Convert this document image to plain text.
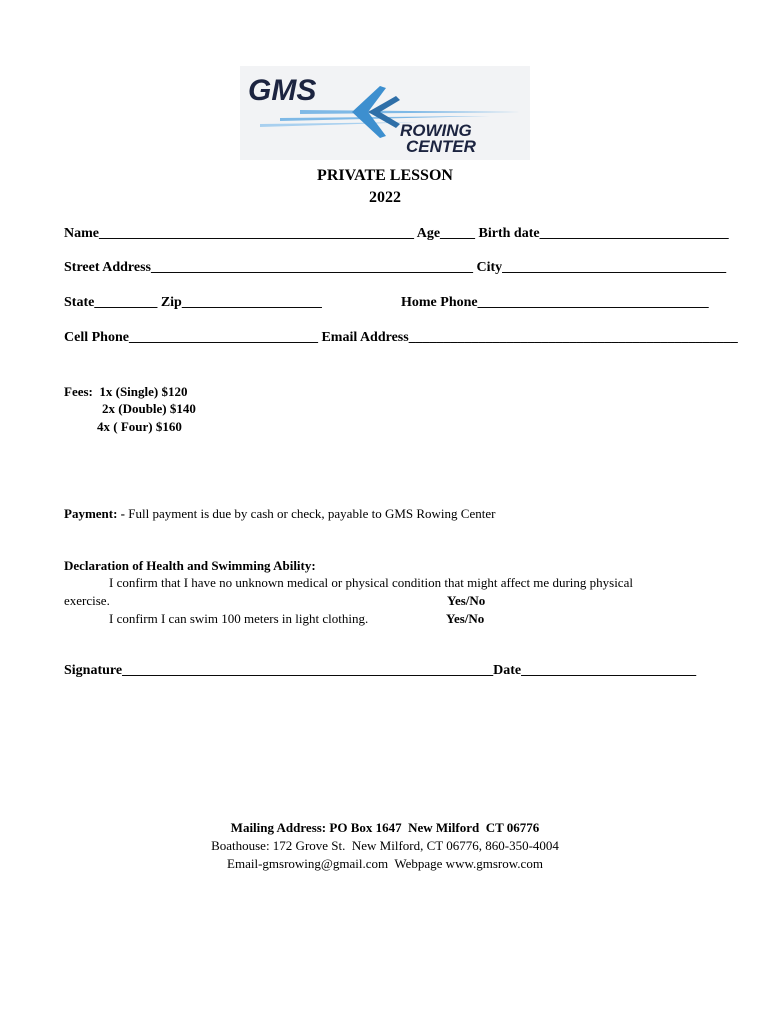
GMS
ROWING
CENTER
PRIVATE LESSON
2022
Name_____________________________________________ Age_____ Birth date___________________________
Street Address______________________________________________ City________________________________
State_________ Zip____________________	Home Phone_________________________________
Cell Phone___________________________ Email Address_______________________________________________
Fees:  1x (Single) $120
2x (Double) $140
4x ( Four) $160
Payment: - Full payment is due by cash or check, payable to GMS Rowing Center
Declaration of Health and Swimming Ability:
I confirm that I have no unknown medical or physical condition that might affect me during physical
exercise.	Yes/No
I confirm I can swim 100 meters in light clothing.	Yes/No
Signature_____________________________________________________Date_________________________
Mailing Address: PO Box 1647  New Milford  CT 06776
Boathouse: 172 Grove St.  New Milford, CT 06776, 860-350-4004
Email-gmsrowing@gmail.com  Webpage www.gmsrow.com
